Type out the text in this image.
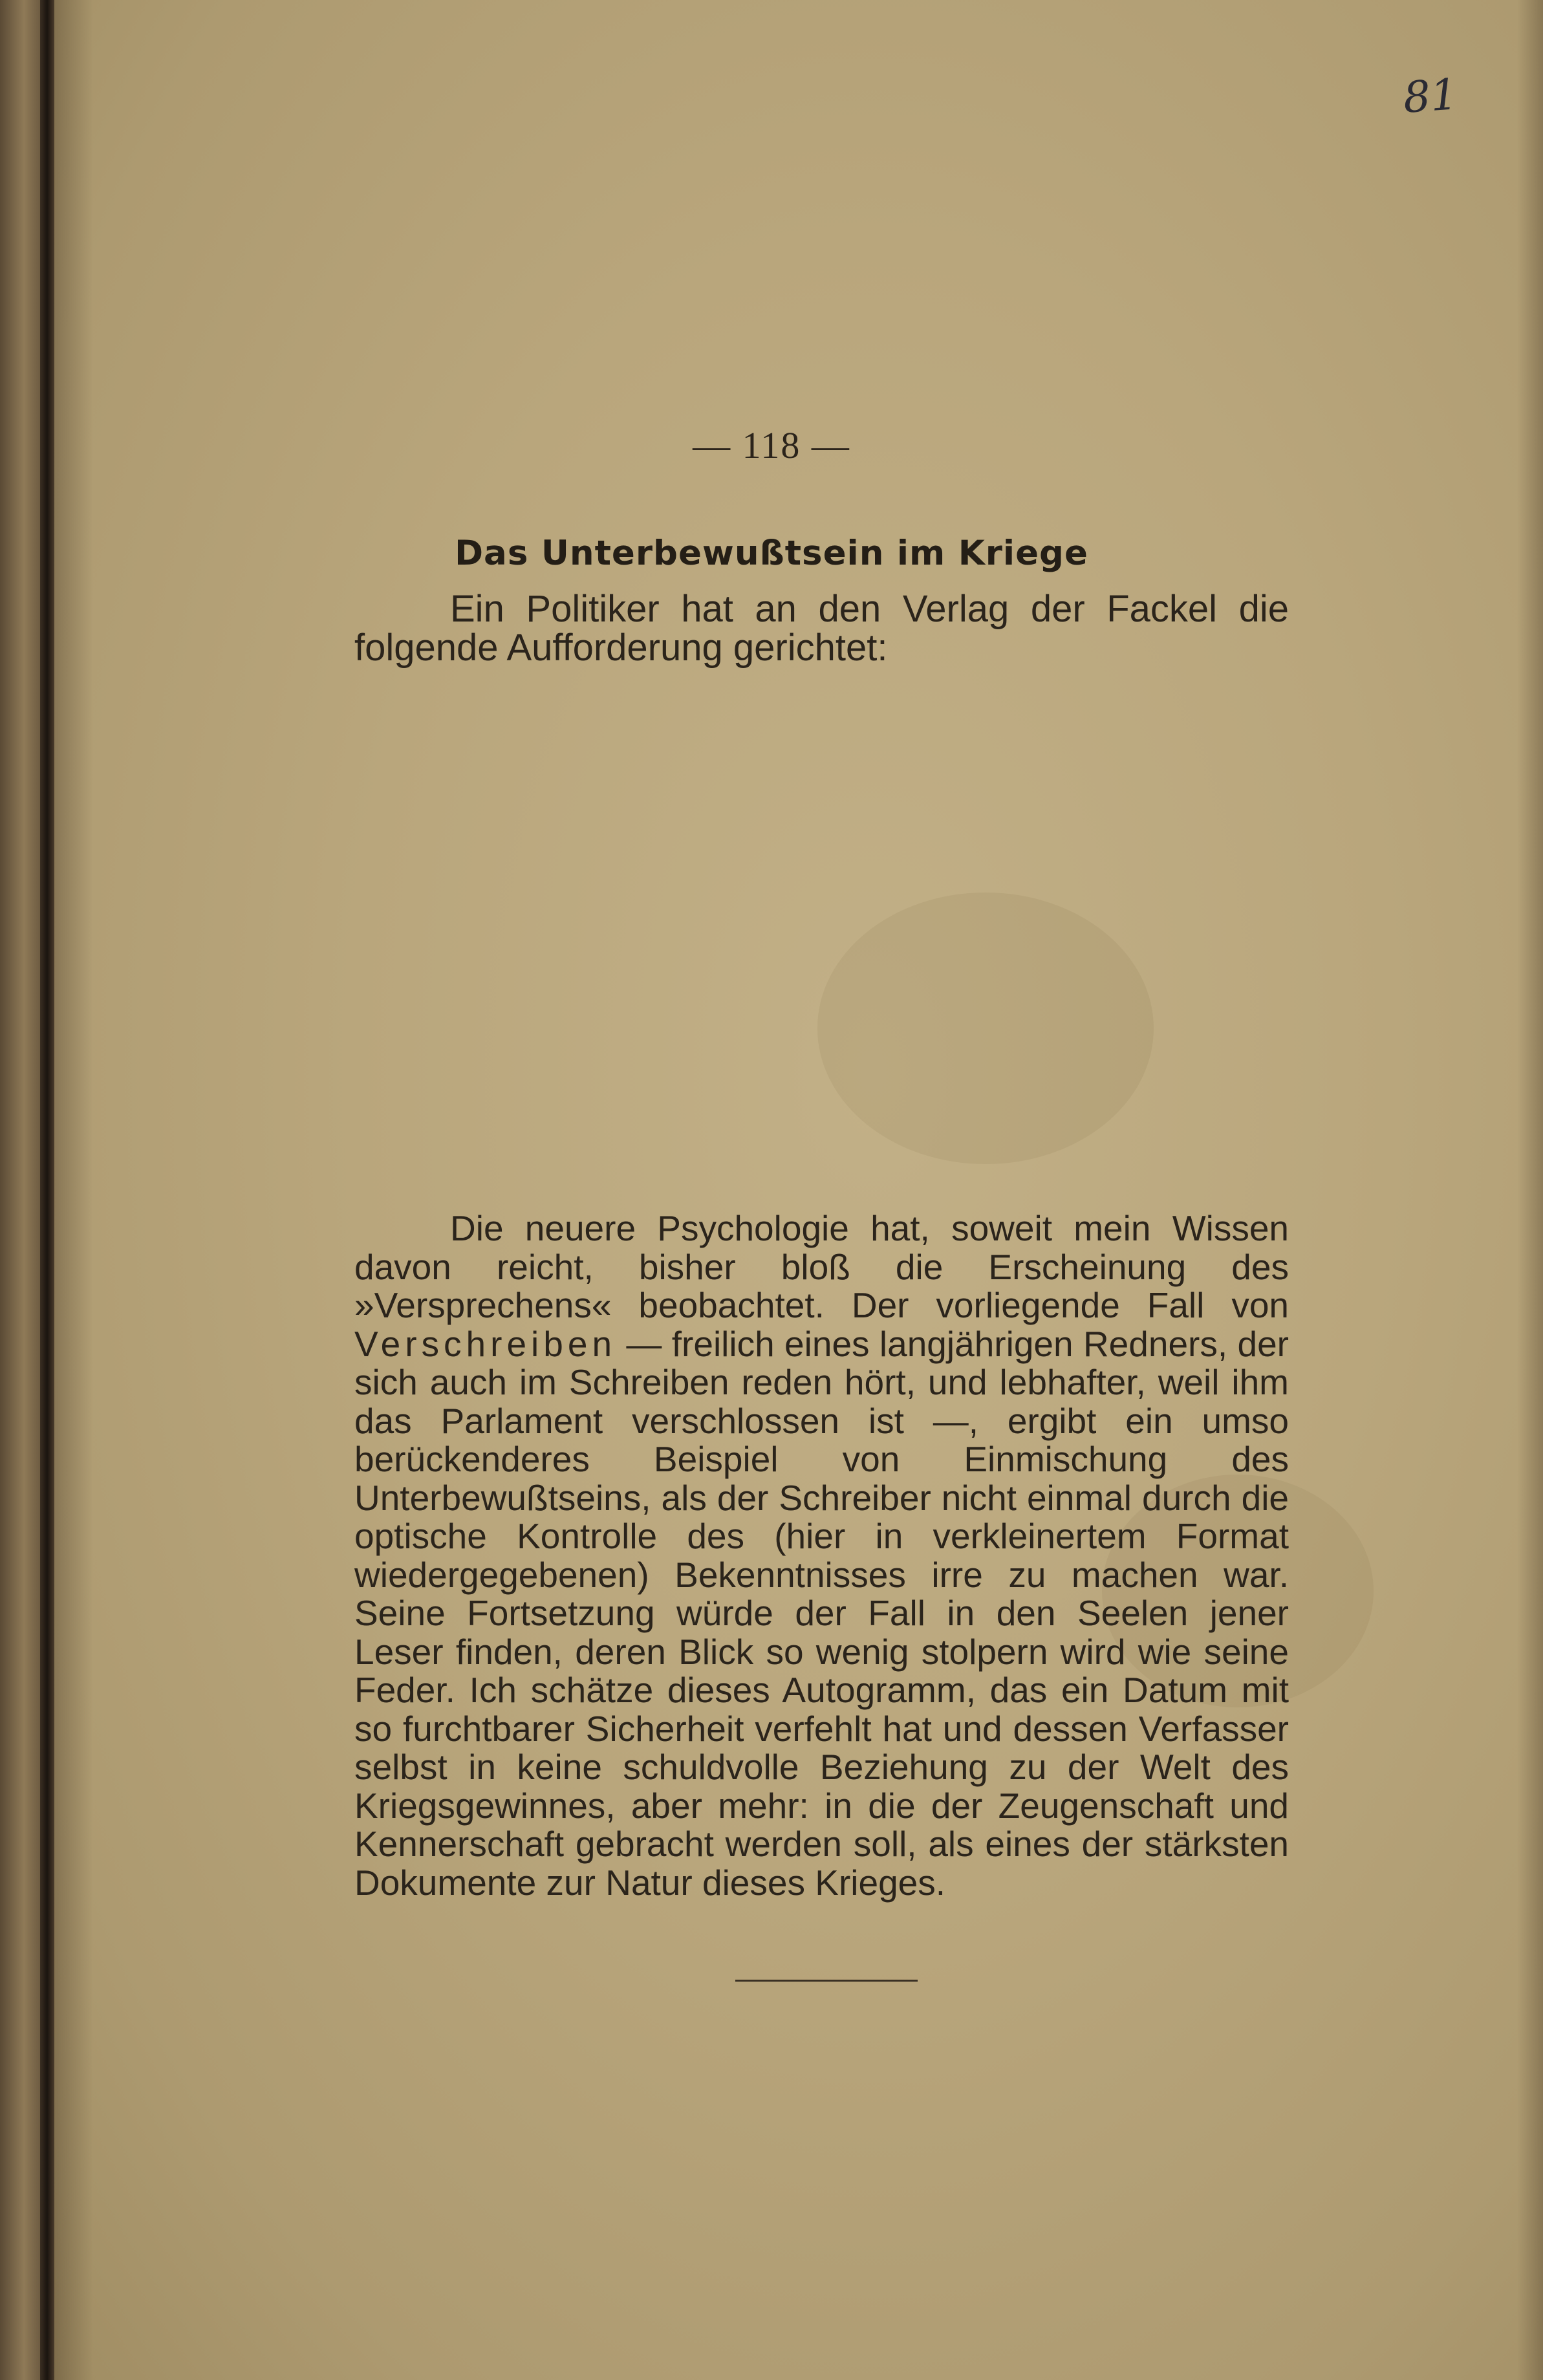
81
— 118 —
Das Unterbewußtsein im Kriege

Ein Politiker hat an den Verlag der Fackel die folgende Aufforderung gerichtet:

Die neuere Psychologie hat, soweit mein Wissen davon reicht, bisher bloß die Erscheinung des »Versprechens« beobachtet. Der vorliegende Fall von Verschreiben — freilich eines langjährigen Redners, der sich auch im Schreiben reden hört, und lebhafter, weil ihm das Parlament verschlossen ist —, ergibt ein umso berückenderes Beispiel von Einmischung des Unterbewußtseins, als der Schreiber nicht einmal durch die optische Kontrolle des (hier in verkleinertem Format wiedergegebenen) Bekenntnisses irre zu machen war. Seine Fortsetzung würde der Fall in den Seelen jener Leser finden, deren Blick so wenig stolpern wird wie seine Feder. Ich schätze dieses Autogramm, das ein Datum mit so furchtbarer Sicherheit verfehlt hat und dessen Verfasser selbst in keine schuldvolle Beziehung zu der Welt des Kriegsgewinnes, aber mehr: in die der Zeugenschaft und Kennerschaft gebracht werden soll, als eines der stärksten Dokumente zur Natur dieses Krieges.
